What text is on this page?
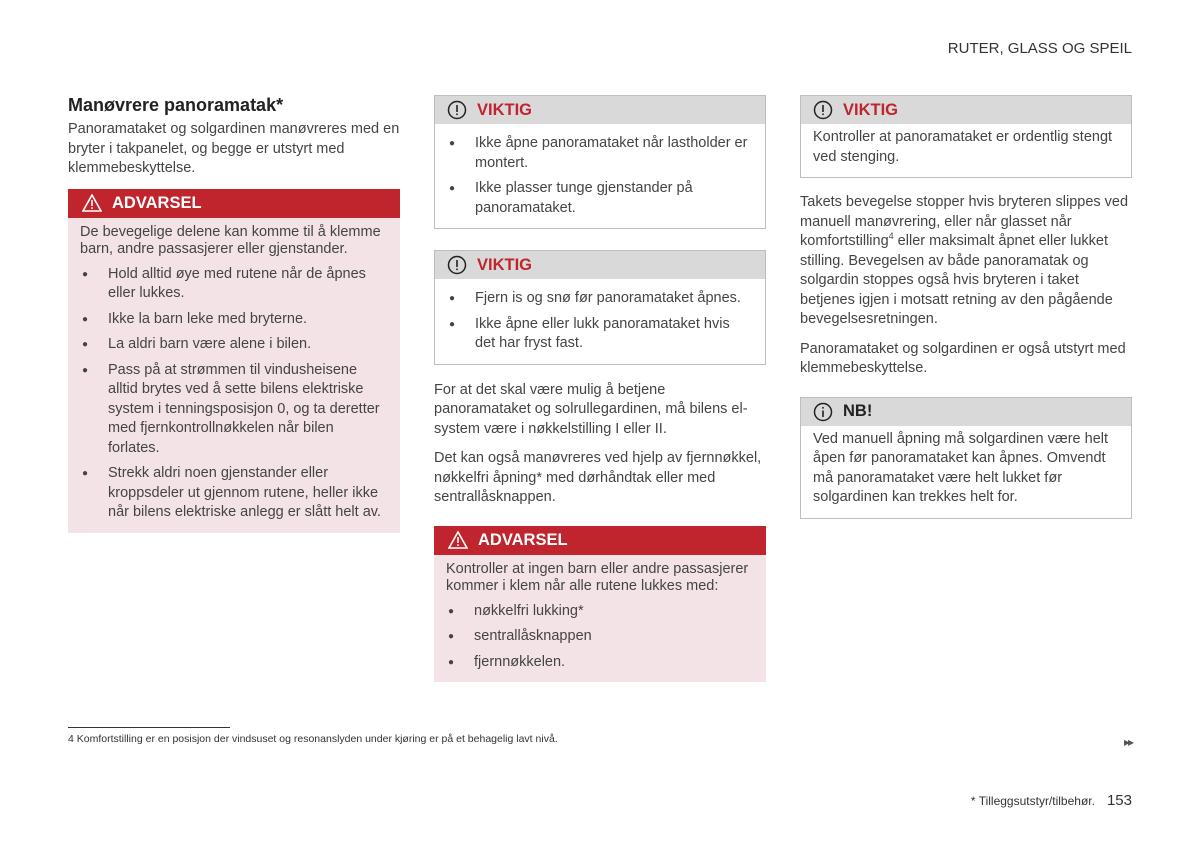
RUTER, GLASS OG SPEIL
Manøvrere panoramatak*

Panoramataket og solgardinen manøvreres med en bryter i takpanelet, og begge er utstyrt med klemmebeskyttelse.

ADVARSEL

De bevegelige delene kan komme til å klemme barn, andre passasjerer eller gjenstander.

● Hold alltid øye med rutene når de åpnes eller lukkes.
● Ikke la barn leke med bryterne.
● La aldri barn være alene i bilen.
● Pass på at strømmen til vindusheisene alltid brytes ved å sette bilens elektriske system i tenningsposisjon 0, og ta deretter med fjernkontrollnøkkelen når bilen forlates.
● Strekk aldri noen gjenstander eller kroppsdeler ut gjennom rutene, heller ikke når bilens elektriske anlegg er slått helt av.
VIKTIG
● Ikke åpne panoramataket når lastholder er montert.
● Ikke plasser tunge gjenstander på panoramataket.
VIKTIG
● Fjern is og snø før panoramataket åpnes.
● Ikke åpne eller lukk panoramataket hvis det har fryst fast.

For at det skal være mulig å betjene panoramataket og solrullegardinen, må bilens el-system være i nøkkelstilling I eller II.

Det kan også manøvreres ved hjelp av fjernnøkkel, nøkkelfri åpning* med dørhåndtak eller med sentrallåsknappen.

ADVARSEL

Kontroller at ingen barn eller andre passasjerer kommer i klem når alle rutene lukkes med:

● nøkkelfri lukking*
● sentrallåsknappen
● fjernnøkkelen.
VIKTIG

Kontroller at panoramataket er ordentlig stengt ved stenging.

Takets bevegelse stopper hvis bryteren slippes ved manuell manøvrering, eller når glasset når komfortstilling$^4$ eller maksimalt åpnet eller lukket stilling. Bevegelsen av både panoramatak og solgardin stoppes også hvis bryteren i taket betjenes igjen i motsatt retning av den pågående bevegelsesretningen.

Panoramataket og solgardinen er også utstyrt med klemmebeskyttelse.

NB!

Ved manuell åpning må solgardinen være helt åpen før panoramataket kan åpnes. Omvendt må panoramataket være helt lukket før solgardinen kan trekkes helt for.

4 Komfortstilling er en posisjon der vindsuset og resonanslyden under kjøring er på et behagelig lavt nivå.	▸▸
* Tilleggsutstyr/tilbehør. 153
